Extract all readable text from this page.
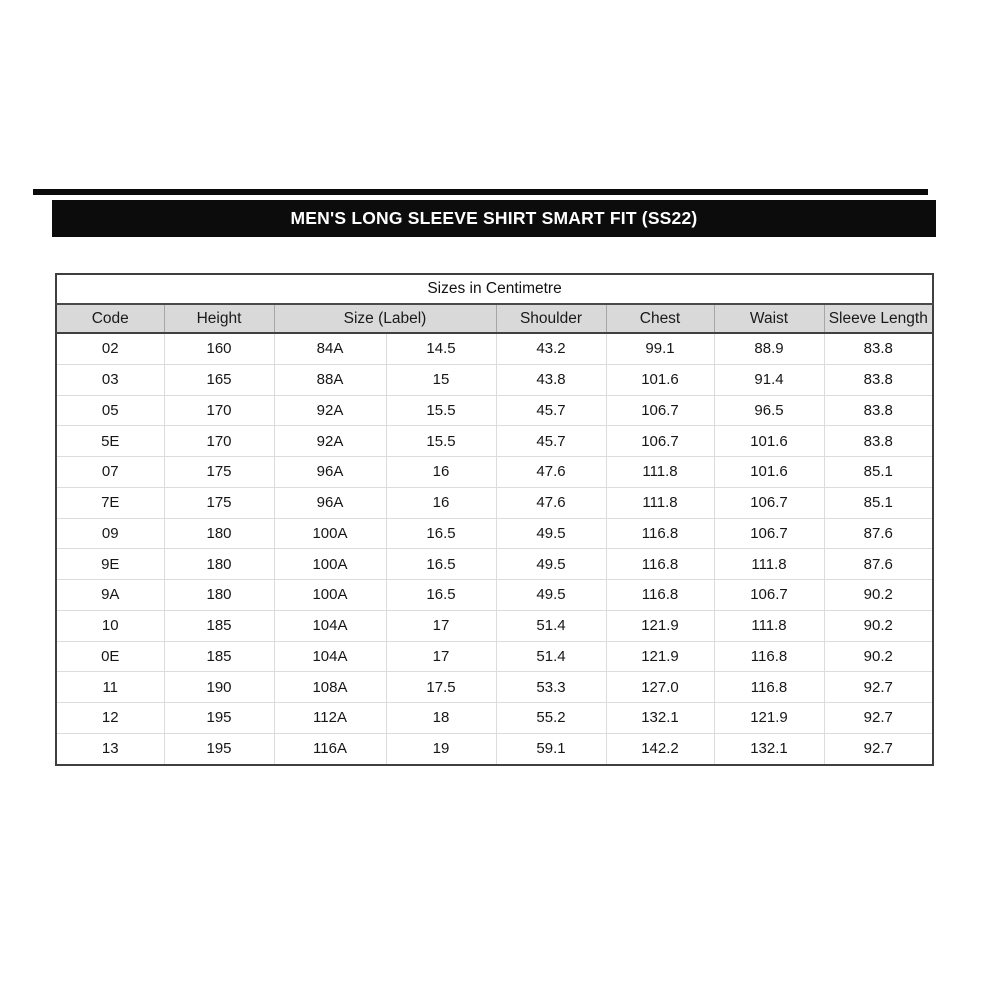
MEN'S LONG SLEEVE SHIRT SMART FIT (SS22)
Sizes in Centimetre							
Code	Height	Size (Label)		Shoulder	Chest	Waist	Sleeve Length
02	160	84A	14.5	43.2	99.1	88.9	83.8
03	165	88A	15	43.8	101.6	91.4	83.8
05	170	92A	15.5	45.7	106.7	96.5	83.8
5E	170	92A	15.5	45.7	106.7	101.6	83.8
07	175	96A	16	47.6	111.8	101.6	85.1
7E	175	96A	16	47.6	111.8	106.7	85.1
09	180	100A	16.5	49.5	116.8	106.7	87.6
9E	180	100A	16.5	49.5	116.8	111.8	87.6
9A	180	100A	16.5	49.5	116.8	106.7	90.2
10	185	104A	17	51.4	121.9	111.8	90.2
0E	185	104A	17	51.4	121.9	116.8	90.2
11	190	108A	17.5	53.3	127.0	116.8	92.7
12	195	112A	18	55.2	132.1	121.9	92.7
13	195	116A	19	59.1	142.2	132.1	92.7
